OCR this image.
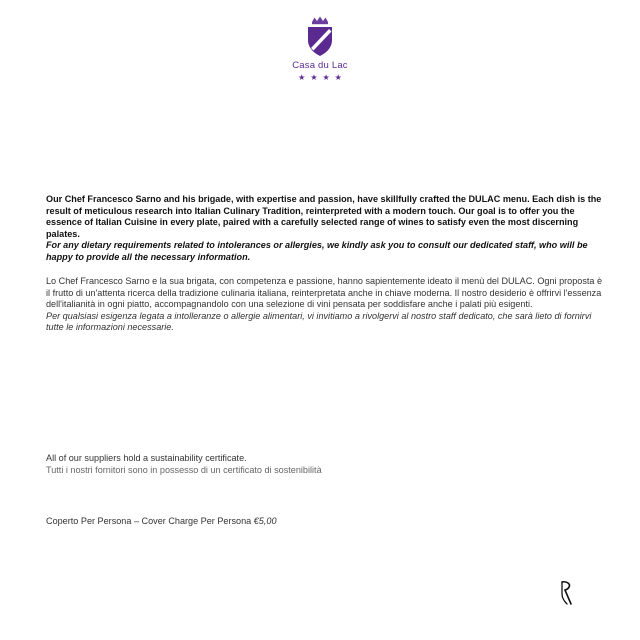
Casa du Lac
★★★★

Our Chef Francesco Sarno and his brigade, with expertise and passion, have skillfully crafted the DULAC menu. Each dish is the result of meticulous research into Italian Culinary Tradition, reinterpreted with a modern touch. Our goal is to offer you the essence of Italian Cuisine in every plate, paired with a carefully selected range of wines to satisfy even the most discerning palates.

For any dietary requirements related to intolerances or allergies, we kindly ask you to consult our dedicated staff, who will be happy to provide all the necessary information.

Lo Chef Francesco Sarno e la sua brigata, con competenza e passione, hanno sapientemente ideato il menù del DULAC. Ogni proposta è il frutto di un'attenta ricerca della tradizione culinaria italiana, reinterpretata anche in chiave moderna. Il nostro desiderio è offrirvi l'essenza dell'italianità in ogni piatto, accompagnandolo con una selezione di vini pensata per soddisfare anche i palati più esigenti.

Per qualsiasi esigenza legata a intolleranze o allergie alimentari, vi invitiamo a rivolgervi al nostro staff dedicato, che sarà lieto di fornirvi tutte le informazioni necessarie.

All of our suppliers hold a sustainability certificate.

Tutti i nostri fornitori sono in possesso di un certificato di sostenibilità

Coperto Per Persona – Cover Charge Per Persona €5,00
